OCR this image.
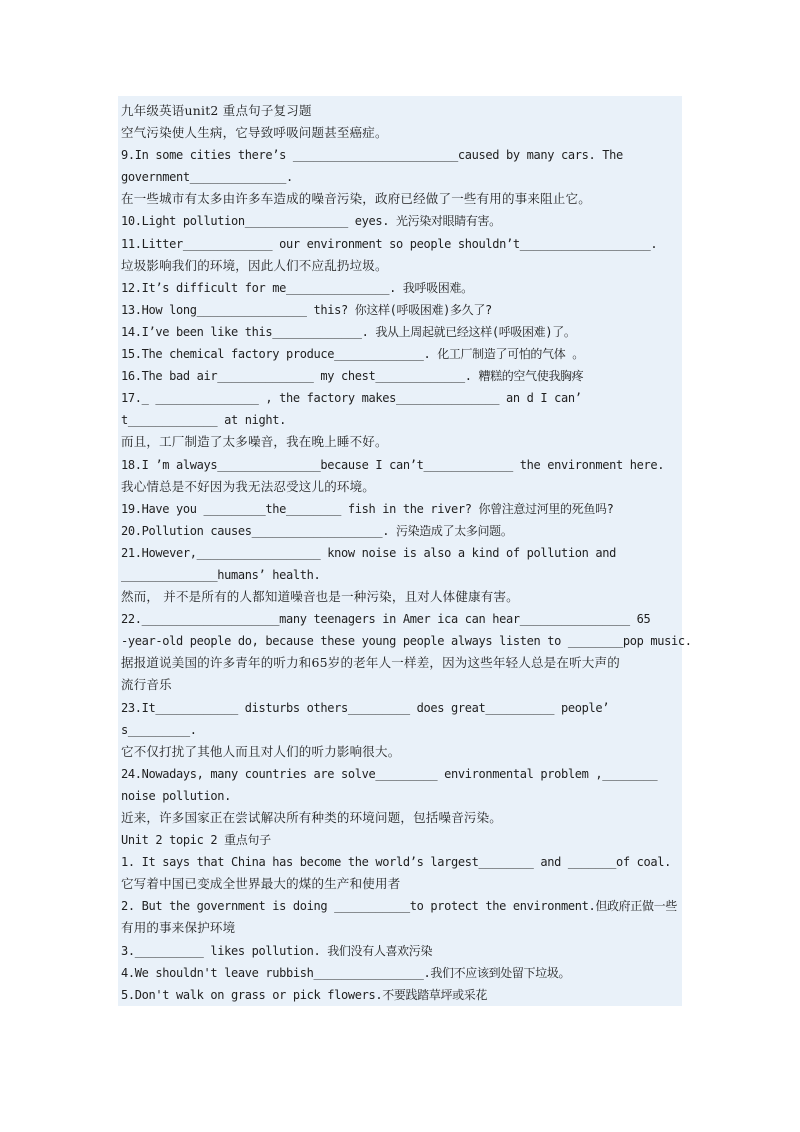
九年级英语unit2 重点句子复习题
空气污染使人生病，它导致呼吸问题甚至癌症。
9.In some cities there’s ________________________caused by many cars. The
government______________.
在一些城市有太多由许多车造成的噪音污染，政府已经做了一些有用的事来阻止它。
10.Light pollution_______________ eyes. 光污染对眼睛有害。
11.Litter_____________ our environment so people shouldn’t___________________.
垃圾影响我们的环境，因此人们不应乱扔垃圾。
12.It’s difficult for me_______________. 我呼吸困难。
13.How long________________ this? 你这样(呼吸困难)多久了?
14.I’ve been like this_____________. 我从上周起就已经这样(呼吸困难)了。
15.The chemical factory produce_____________. 化工厂制造了可怕的气体 。
16.The bad air______________ my chest_____________. 糟糕的空气使我胸疼
17._ _______________ , the factory makes_______________ an d I can’
t_____________ at night.
而且，工厂制造了太多噪音，我在晚上睡不好。
18.I ’m always_______________because I can’t_____________ the environment here.
我心情总是不好因为我无法忍受这儿的环境。
19.Have you _________the________ fish in the river? 你曾注意过河里的死鱼吗?
20.Pollution causes___________________. 污染造成了太多问题。
21.However,__________________ know noise is also a kind of pollution and
______________humans’ health.
然而， 并不是所有的人都知道噪音也是一种污染，且对人体健康有害。
22.____________________many teenagers in Amer ica can hear________________ 65
-year-old people do, because these young people always listen to ________pop music.
据报道说美国的许多青年的听力和65岁的老年人一样差，因为这些年轻人总是在听大声的
流行音乐
23.It____________ disturbs others_________ does great__________ people’
s_________.
它不仅打扰了其他人而且对人们的听力影响很大。
24.Nowadays, many countries are solve_________ environmental problem ,________
noise pollution.
近来，许多国家正在尝试解决所有种类的环境问题，包括噪音污染。
Unit 2 topic 2 重点句子
1. It says that China has become the world’s largest________ and _______of coal.
它写着中国已变成全世界最大的煤的生产和使用者
2. But the government is doing ___________to protect the environment.但政府正做一些
有用的事来保护环境
3.__________ likes pollution. 我们没有人喜欢污染
4.We shouldn't leave rubbish________________.我们不应该到处留下垃圾。
5.Don't walk on grass or pick flowers.不要践踏草坪或采花
